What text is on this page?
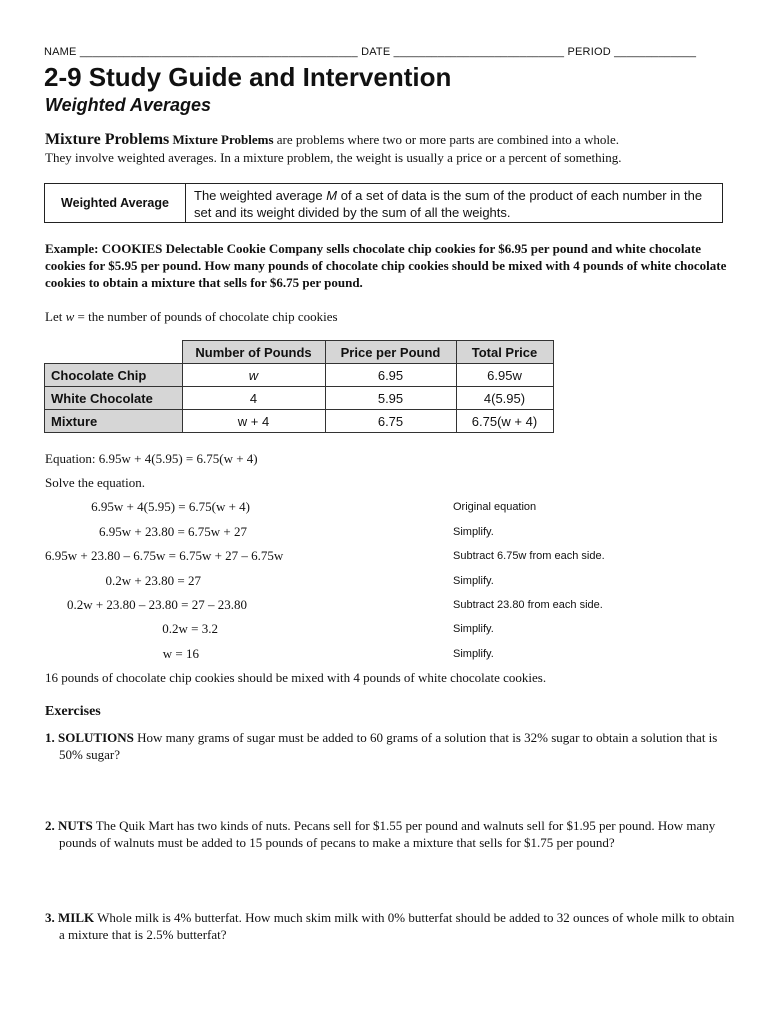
NAME ____________________________________________ DATE ___________________________ PERIOD _____________
2-9 Study Guide and Intervention
Weighted Averages
Mixture Problems Mixture Problems are problems where two or more parts are combined into a whole.
They involve weighted averages. In a mixture problem, the weight is usually a price or a percent of something.
Weighted Average	The weighted average M of a set of data is the sum of the product of each number in the set and its weight divided by the sum of all the weights.
Example: COOKIES Delectable Cookie Company sells chocolate chip cookies for $6.95 per pound and white chocolate cookies for $5.95 per pound. How many pounds of chocolate chip cookies should be mixed with 4 pounds of white chocolate cookies to obtain a mixture that sells for $6.75 per pound.
Let w = the number of pounds of chocolate chip cookies
	Number of Pounds	Price per Pound	Total Price
Chocolate Chip	w	6.95	6.95w
White Chocolate	4	5.95	4(5.95)
Mixture	w + 4	6.75	6.75(w + 4)
Equation: 6.95w + 4(5.95) = 6.75(w + 4)
Solve the equation.
6.95w + 4(5.95) = 6.75(w + 4)	Original equation
6.95w + 23.80 = 6.75w + 27	Simplify.
6.95w + 23.80 – 6.75w = 6.75w + 27 – 6.75w	Subtract 6.75w from each side.
0.2w + 23.80 = 27	Simplify.
0.2w + 23.80 – 23.80 = 27 – 23.80	Subtract 23.80 from each side.
0.2w = 3.2	Simplify.
w = 16	Simplify.
16 pounds of chocolate chip cookies should be mixed with 4 pounds of white chocolate cookies.
Exercises
1. SOLUTIONS How many grams of sugar must be added to 60 grams of a solution that is 32% sugar to obtain a solution that is 50% sugar?
2. NUTS The Quik Mart has two kinds of nuts. Pecans sell for $1.55 per pound and walnuts sell for $1.95 per pound. How many pounds of walnuts must be added to 15 pounds of pecans to make a mixture that sells for $1.75 per pound?
3. MILK Whole milk is 4% butterfat. How much skim milk with 0% butterfat should be added to 32 ounces of whole milk to obtain a mixture that is 2.5% butterfat?
